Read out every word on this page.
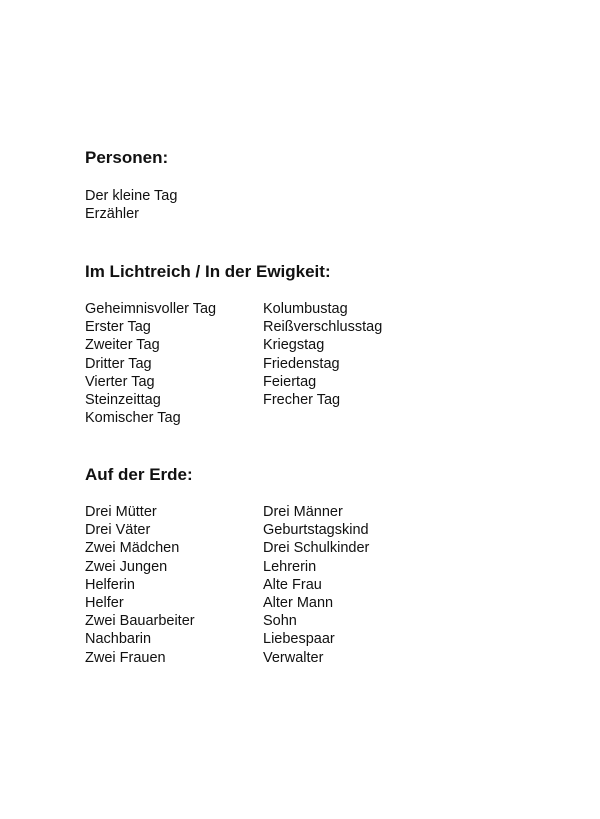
Personen:
Der kleine Tag
Erzähler
Im Lichtreich / In der Ewigkeit:
Geheimnisvoller Tag
Erster Tag
Zweiter Tag
Dritter Tag
Vierter Tag
Steinzeittag
Komischer Tag
Kolumbustag
Reißverschlusstag
Kriegstag
Friedenstag
Feiertag
Frecher Tag
Auf der Erde:
Drei Mütter
Drei Väter
Zwei Mädchen
Zwei Jungen
Helferin
Helfer
Zwei Bauarbeiter
Nachbarin
Zwei Frauen
Drei Männer
Geburtstagskind
Drei Schulkinder
Lehrerin
Alte Frau
Alter Mann
Sohn
Liebespaar
Verwalter
